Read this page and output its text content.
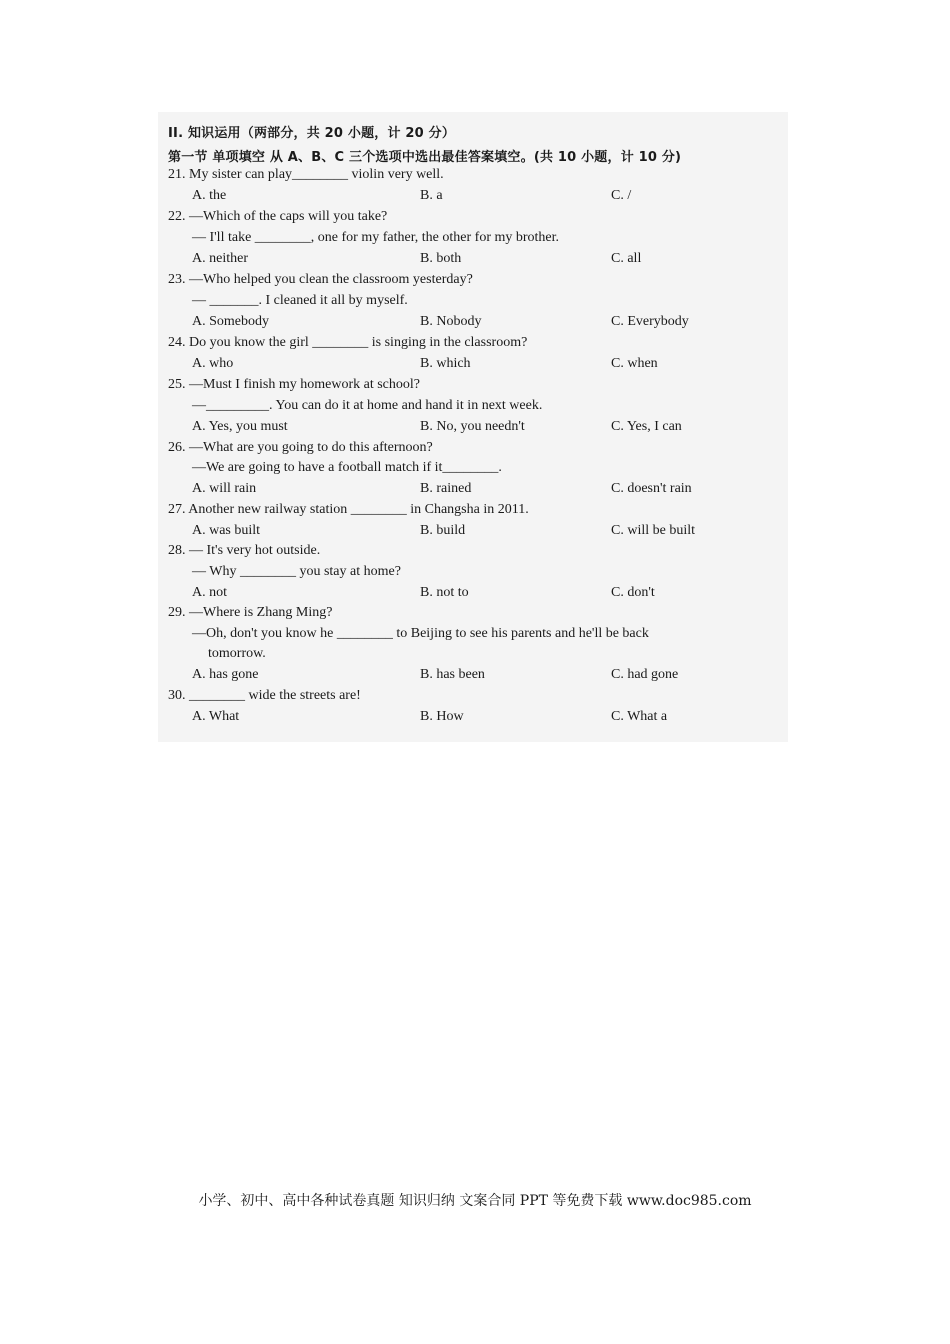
II. 知识运用（两部分，共 20 小题，计 20 分）
第一节 单项填空 从 A、B、C 三个选项中选出最佳答案填空。(共 10 小题，计 10 分)
21. My sister can play________ violin very well.
A. the	B. a	C. /
22. —Which of the caps will you take?
— I'll take ________, one for my father, the other for my brother.
A. neither	B. both	C. all
23. —Who helped you clean the classroom yesterday?
— _______. I cleaned it all by myself.
A. Somebody	B. Nobody	C. Everybody
24. Do you know the girl ________ is singing in the classroom?
A. who	B. which	C. when
25. —Must I finish my homework at school?
—_________. You can do it at home and hand it in next week.
A. Yes, you must	B. No, you needn't	C. Yes, I can
26. —What are you going to do this afternoon?
—We are going to have a football match if it________.
A. will rain	B. rained	C. doesn't rain
27. Another new railway station ________ in Changsha in 2011.
A. was built	B. build	C. will be built
28. — It's very hot outside.
— Why ________ you stay at home?
A. not	B. not to	C. don't
29. —Where is Zhang Ming?
—Oh, don't you know he ________ to Beijing to see his parents and he'll be back
tomorrow.
A. has gone	B. has been	C. had gone
30. ________ wide the streets are!
A. What	B. How	C. What a
小学、初中、高中各种试卷真题 知识归纳 文案合同 PPT 等免费下载 www.doc985.com
